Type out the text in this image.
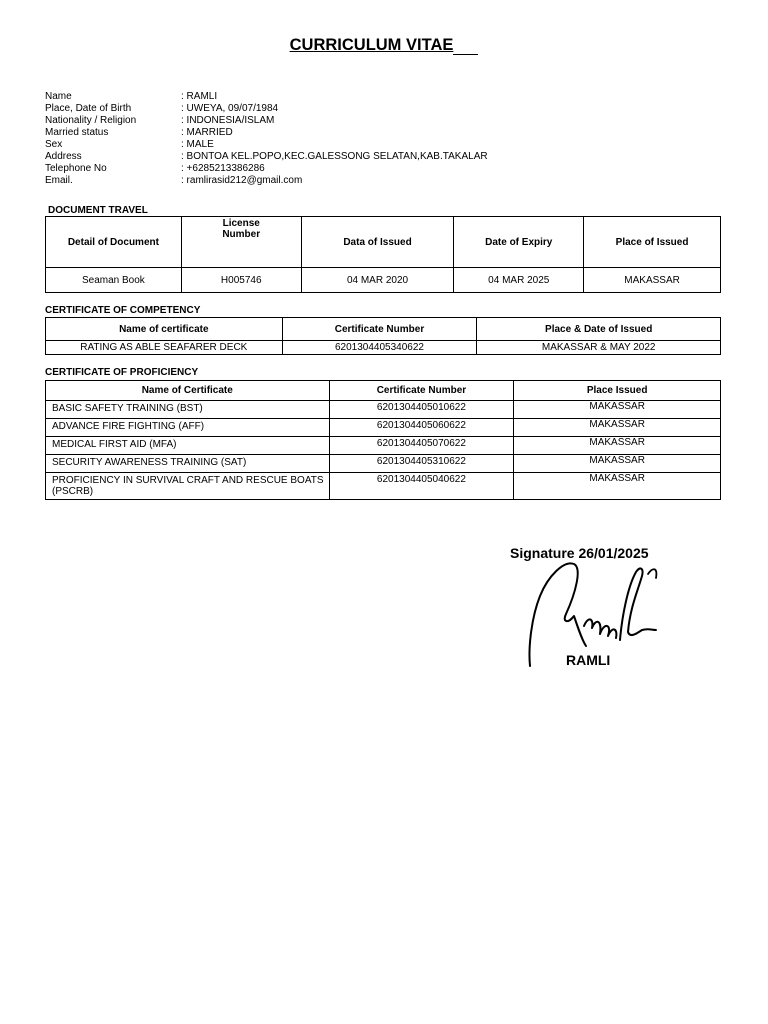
CURRICULUM VITAE
Name	: RAMLI
Place, Date of Birth	: UWEYA, 09/07/1984
Nationality / Religion	: INDONESIA/ISLAM
Married status	: MARRIED
Sex	: MALE
Address	: BONTOA KEL.POPO,KEC.GALESSONG SELATAN,KAB.TAKALAR
Telephone No	: +6285213386286
Email.	: ramlirasid212@gmail.com
DOCUMENT TRAVEL
Detail of Document	License Number	Data of Issued	Date of Expiry	Place of Issued
Seaman Book	H005746	04 MAR 2020	04 MAR 2025	MAKASSAR
CERTIFICATE OF COMPETENCY
Name of certificate	Certificate Number	Place & Date of Issued
RATING AS ABLE SEAFARER DECK	6201304405340622	MAKASSAR & MAY 2022
CERTIFICATE OF PROFICIENCY
Name of Certificate	Certificate Number	Place Issued
BASIC SAFETY TRAINING (BST)	6201304405010622	MAKASSAR
ADVANCE FIRE FIGHTING (AFF)	6201304405060622	MAKASSAR
MEDICAL FIRST AID (MFA)	6201304405070622	MAKASSAR
SECURITY AWARENESS TRAINING (SAT)	6201304405310622	MAKASSAR
PROFICIENCY IN SURVIVAL CRAFT AND RESCUE BOATS (PSCRB)	6201304405040622	MAKASSAR
Signature 26/01/2025
RAMLI
